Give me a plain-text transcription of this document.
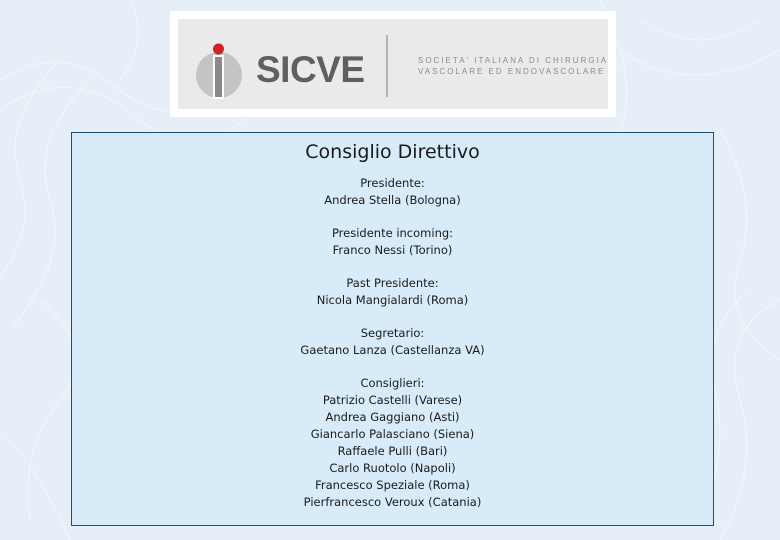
SICVE	SOCIETA' ITALIANA DI CHIRURGIA
VASCOLARE ED ENDOVASCOLARE
Consiglio Direttivo
Presidente:
Andrea Stella (Bologna)
Presidente incoming:
Franco Nessi (Torino)
Past Presidente:
Nicola Mangialardi (Roma)
Segretario:
Gaetano Lanza (Castellanza VA)
Consiglieri:
Patrizio Castelli (Varese)
Andrea Gaggiano (Asti)
Giancarlo Palasciano (Siena)
Raffaele Pulli (Bari)
Carlo Ruotolo (Napoli)
Francesco Speziale (Roma)
Pierfrancesco Veroux (Catania)
